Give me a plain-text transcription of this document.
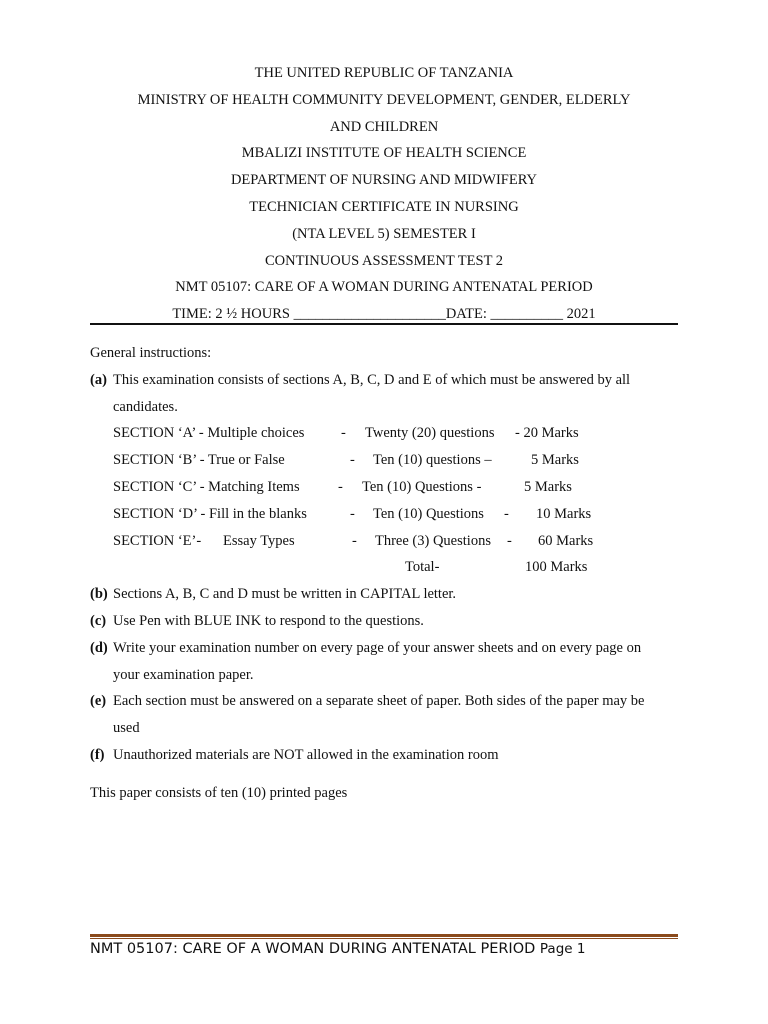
THE UNITED REPUBLIC OF TANZANIA
MINISTRY OF HEALTH COMMUNITY DEVELOPMENT, GENDER, ELDERLY
AND CHILDREN
MBALIZI INSTITUTE OF HEALTH SCIENCE
DEPARTMENT OF NURSING AND MIDWIFERY
TECHNICIAN CERTIFICATE IN NURSING
(NTA LEVEL 5) SEMESTER I
CONTINUOUS ASSESSMENT TEST 2
NMT 05107: CARE OF A WOMAN DURING ANTENATAL PERIOD
TIME: 2 ½ HOURS _____________________DATE: __________ 2021
General instructions:
(a) This examination consists of sections A, B, C, D and E of which must be answered by all
candidates.
SECTION ‘A’ - Multiple choices	- Twenty (20) questions - 20 Marks
SECTION ‘B’ - True or False	- Ten (10) questions –	5 Marks
SECTION ‘C’ - Matching Items	- Ten (10) Questions -	5 Marks
SECTION ‘D’ - Fill in the blanks	- Ten (10) Questions - 10 Marks
SECTION ‘E’- Essay Types	- Three (3) Questions - 60 Marks
Total-	100 Marks
(b) Sections A, B, C and D must be written in CAPITAL letter.
(c) Use Pen with BLUE INK to respond to the questions.
(d) Write your examination number on every page of your answer sheets and on every page on
your examination paper.
(e) Each section must be answered on a separate sheet of paper. Both sides of the paper may be
used
(f) Unauthorized materials are NOT allowed in the examination room
This paper consists of ten (10) printed pages
NMT 05107: CARE OF A WOMAN DURING ANTENATAL PERIOD Page 1
